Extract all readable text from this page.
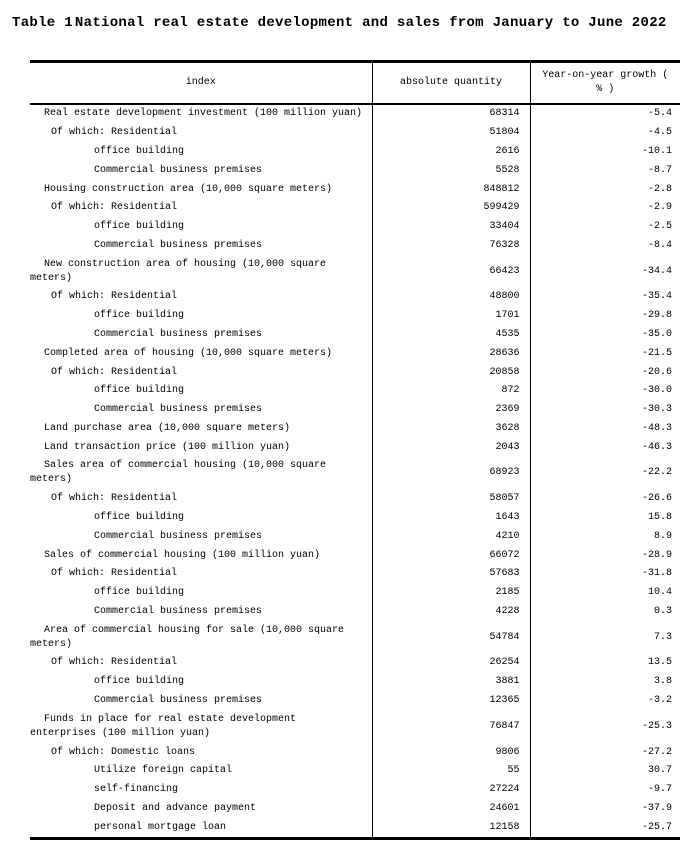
Table 1 National real estate development and sales from January to June 2022
index	absolute quantity	Year-on-year growth ( % )
Real estate development investment (100 million yuan)	68314	-5.4
Of which: Residential	51804	-4.5
office building	2616	-10.1
Commercial business premises	5528	-8.7
Housing construction area (10,000 square meters)	848812	-2.8
Of which: Residential	599429	-2.9
office building	33404	-2.5
Commercial business premises	76328	-8.4
New construction area of housing (10,000 square meters)	66423	-34.4
Of which: Residential	48800	-35.4
office building	1701	-29.8
Commercial business premises	4535	-35.0
Completed area of housing (10,000 square meters)	28636	-21.5
Of which: Residential	20858	-20.6
office building	872	-30.0
Commercial business premises	2369	-30.3
Land purchase area (10,000 square meters)	3628	-48.3
Land transaction price (100 million yuan)	2043	-46.3
Sales area of commercial housing (10,000 square meters)	68923	-22.2
Of which: Residential	58057	-26.6
office building	1643	15.8
Commercial business premises	4210	8.9
Sales of commercial housing (100 million yuan)	66072	-28.9
Of which: Residential	57683	-31.8
office building	2185	10.4
Commercial business premises	4228	0.3
Area of commercial housing for sale (10,000 square meters)	54784	7.3
Of which: Residential	26254	13.5
office building	3881	3.8
Commercial business premises	12365	-3.2
Funds in place for real estate development enterprises (100 million yuan)	76847	-25.3
Of which: Domestic loans	9806	-27.2
Utilize foreign capital	55	30.7
self-financing	27224	-9.7
Deposit and advance payment	24601	-37.9
personal mortgage loan	12158	-25.7
